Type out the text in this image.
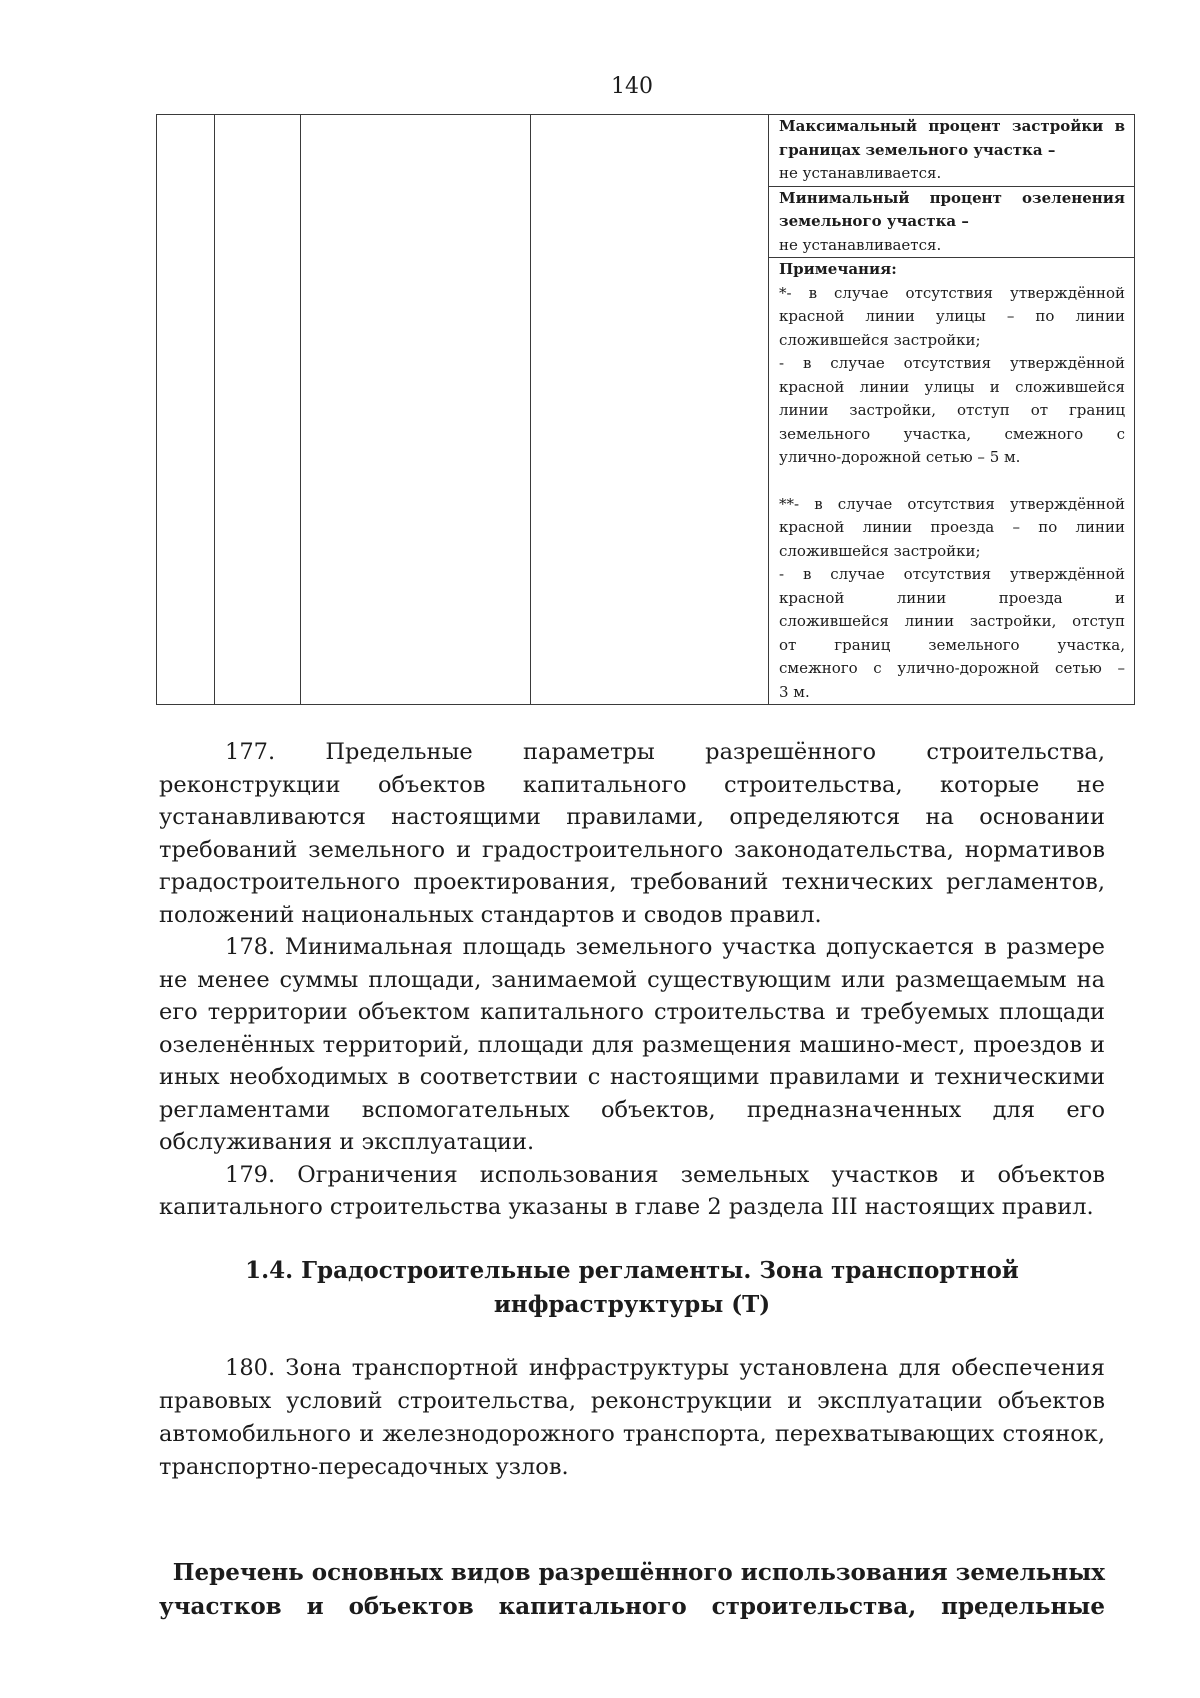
140

Максимальный процент застройки в границах земельного участка –
не устанавливается.

Минимальный процент озеленения земельного участка –
не устанавливается.

Примечания:
*- в случае отсутствия утверждённой
красной линии улицы – по линии
сложившейся застройки;
- в случае отсутствия утверждённой
красной линии улицы и сложившейся
линии застройки, отступ от границ
земельного участка, смежного с
улично-дорожной сетью – 5 м.
**- в случае отсутствия утверждённой
красной линии проезда – по линии
сложившейся застройки;
- в случае отсутствия утверждённой
красной линии проезда и
сложившейся линии застройки, отступ
от границ земельного участка,
смежного с улично-дорожной сетью –
3 м.

177. Предельные параметры разрешённого строительства, реконструкции объектов капитального строительства, которые не устанавливаются настоящими правилами, определяются на основании требований земельного и градостроительного законодательства, нормативов градостроительного проектирования, требований технических регламентов, положений национальных стандартов и сводов правил.

178. Минимальная площадь земельного участка допускается в размере не менее суммы площади, занимаемой существующим или размещаемым на его территории объектом капитального строительства и требуемых площади озеленённых территорий, площади для размещения машино-мест, проездов и иных необходимых в соответствии с настоящими правилами и техническими регламентами вспомогательных объектов, предназначенных для его обслуживания и эксплуатации.

179. Ограничения использования земельных участков и объектов капитального строительства указаны в главе 2 раздела III настоящих правил.

1.4. Градостроительные регламенты. Зона транспортной
инфраструктуры (Т)

180. Зона транспортной инфраструктуры установлена для обеспечения правовых условий строительства, реконструкции и эксплуатации объектов автомобильного и железнодорожного транспорта, перехватывающих стоянок, транспортно-пересадочных узлов.

Перечень основных видов разрешённого использования земельных
участков и объектов капитального строительства, предельные
